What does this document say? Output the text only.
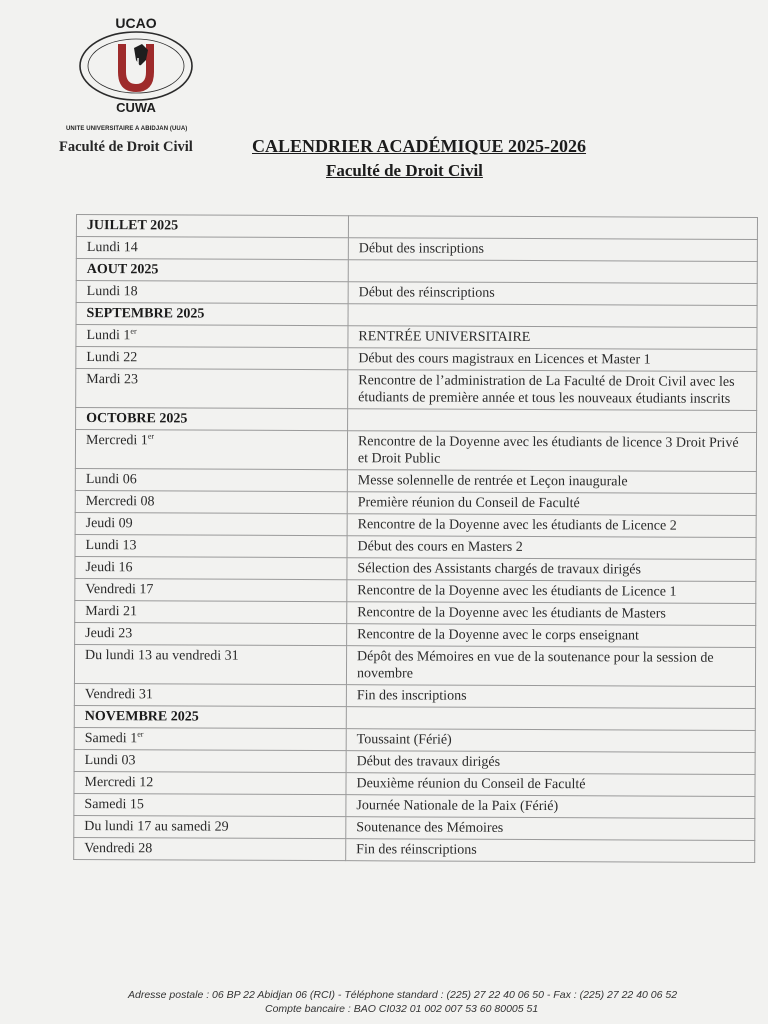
UCAO
CUWA
UNITE UNIVERSITAIRE A ABIDJAN (UUA)
Faculté de Droit Civil	CALENDRIER ACADÉMIQUE 2025-2026
Faculté de Droit Civil
JUILLET 2025	
Lundi 14	Début des inscriptions
AOUT 2025	
Lundi 18	Début des réinscriptions
SEPTEMBRE 2025	
Lundi 1er	RENTRÉE UNIVERSITAIRE
Lundi 22	Début des cours magistraux en Licences et Master 1
Mardi 23	Rencontre de l’administration de La Faculté de Droit Civil avec les étudiants de première année et tous les nouveaux étudiants inscrits
OCTOBRE 2025	
Mercredi 1er	Rencontre de la Doyenne avec les étudiants de licence 3 Droit Privé et Droit Public
Lundi 06	Messe solennelle de rentrée et Leçon inaugurale
Mercredi 08	Première réunion du Conseil de Faculté
Jeudi 09	Rencontre de la Doyenne avec les étudiants de Licence 2
Lundi 13	Début des cours en Masters 2
Jeudi 16	Sélection des Assistants chargés de travaux dirigés
Vendredi 17	Rencontre de la Doyenne avec les étudiants de Licence 1
Mardi 21	Rencontre de la Doyenne avec les étudiants de Masters
Jeudi 23	Rencontre de la Doyenne avec le corps enseignant
Du lundi 13 au vendredi 31	Dépôt des Mémoires en vue de la soutenance pour la session de novembre
Vendredi 31	Fin des inscriptions
NOVEMBRE 2025	
Samedi 1er	Toussaint (Férié)
Lundi 03	Début des travaux dirigés
Mercredi 12	Deuxième réunion du Conseil de Faculté
Samedi 15	Journée Nationale de la Paix (Férié)
Du lundi 17 au samedi 29	Soutenance des Mémoires
Vendredi 28	Fin des réinscriptions
Adresse postale : 06 BP 22 Abidjan 06 (RCI) - Téléphone standard : (225) 27 22 40 06 50 - Fax : (225) 27 22 40 06 52
Compte bancaire : BAO CI032 01 002 007 53 60 80005 51
